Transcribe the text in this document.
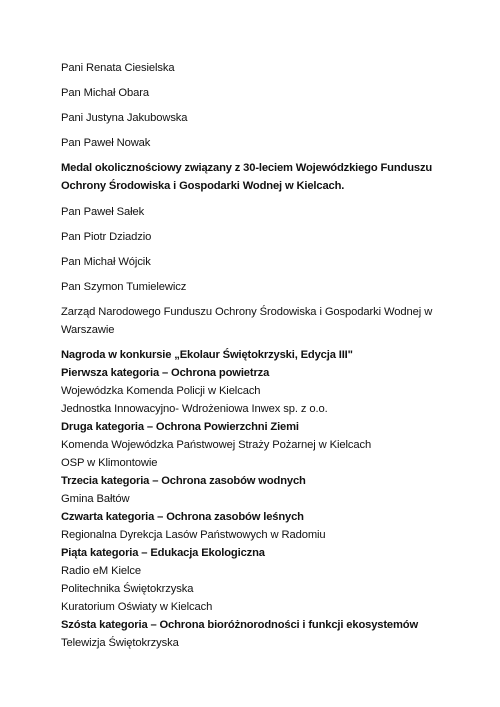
Pani Renata Ciesielska
Pan Michał Obara
Pani Justyna Jakubowska
Pan Paweł Nowak
Medal okolicznościowy związany z 30-leciem Wojewódzkiego Funduszu
Ochrony Środowiska i Gospodarki Wodnej w Kielcach.
Pan Paweł Sałek
Pan Piotr Dziadzio
Pan Michał Wójcik
Pan Szymon Tumielewicz
Zarząd Narodowego Funduszu Ochrony Środowiska i Gospodarki Wodnej w
Warszawie
Nagroda w konkursie „Ekolaur Świętokrzyski, Edycja III"
Pierwsza kategoria – Ochrona powietrza
Wojewódzka Komenda Policji w Kielcach
Jednostka Innowacyjno- Wdrożeniowa Inwex sp. z o.o.
Druga kategoria – Ochrona Powierzchni Ziemi
Komenda Wojewódzka Państwowej Straży Pożarnej w Kielcach
OSP w Klimontowie
Trzecia kategoria – Ochrona zasobów wodnych
Gmina Bałtów
Czwarta kategoria – Ochrona zasobów leśnych
Regionalna Dyrekcja Lasów Państwowych w Radomiu
Piąta kategoria – Edukacja Ekologiczna
Radio eM Kielce
Politechnika Świętokrzyska
Kuratorium Oświaty w Kielcach
Szósta kategoria – Ochrona bioróżnorodności i funkcji ekosystemów
Telewizja Świętokrzyska
